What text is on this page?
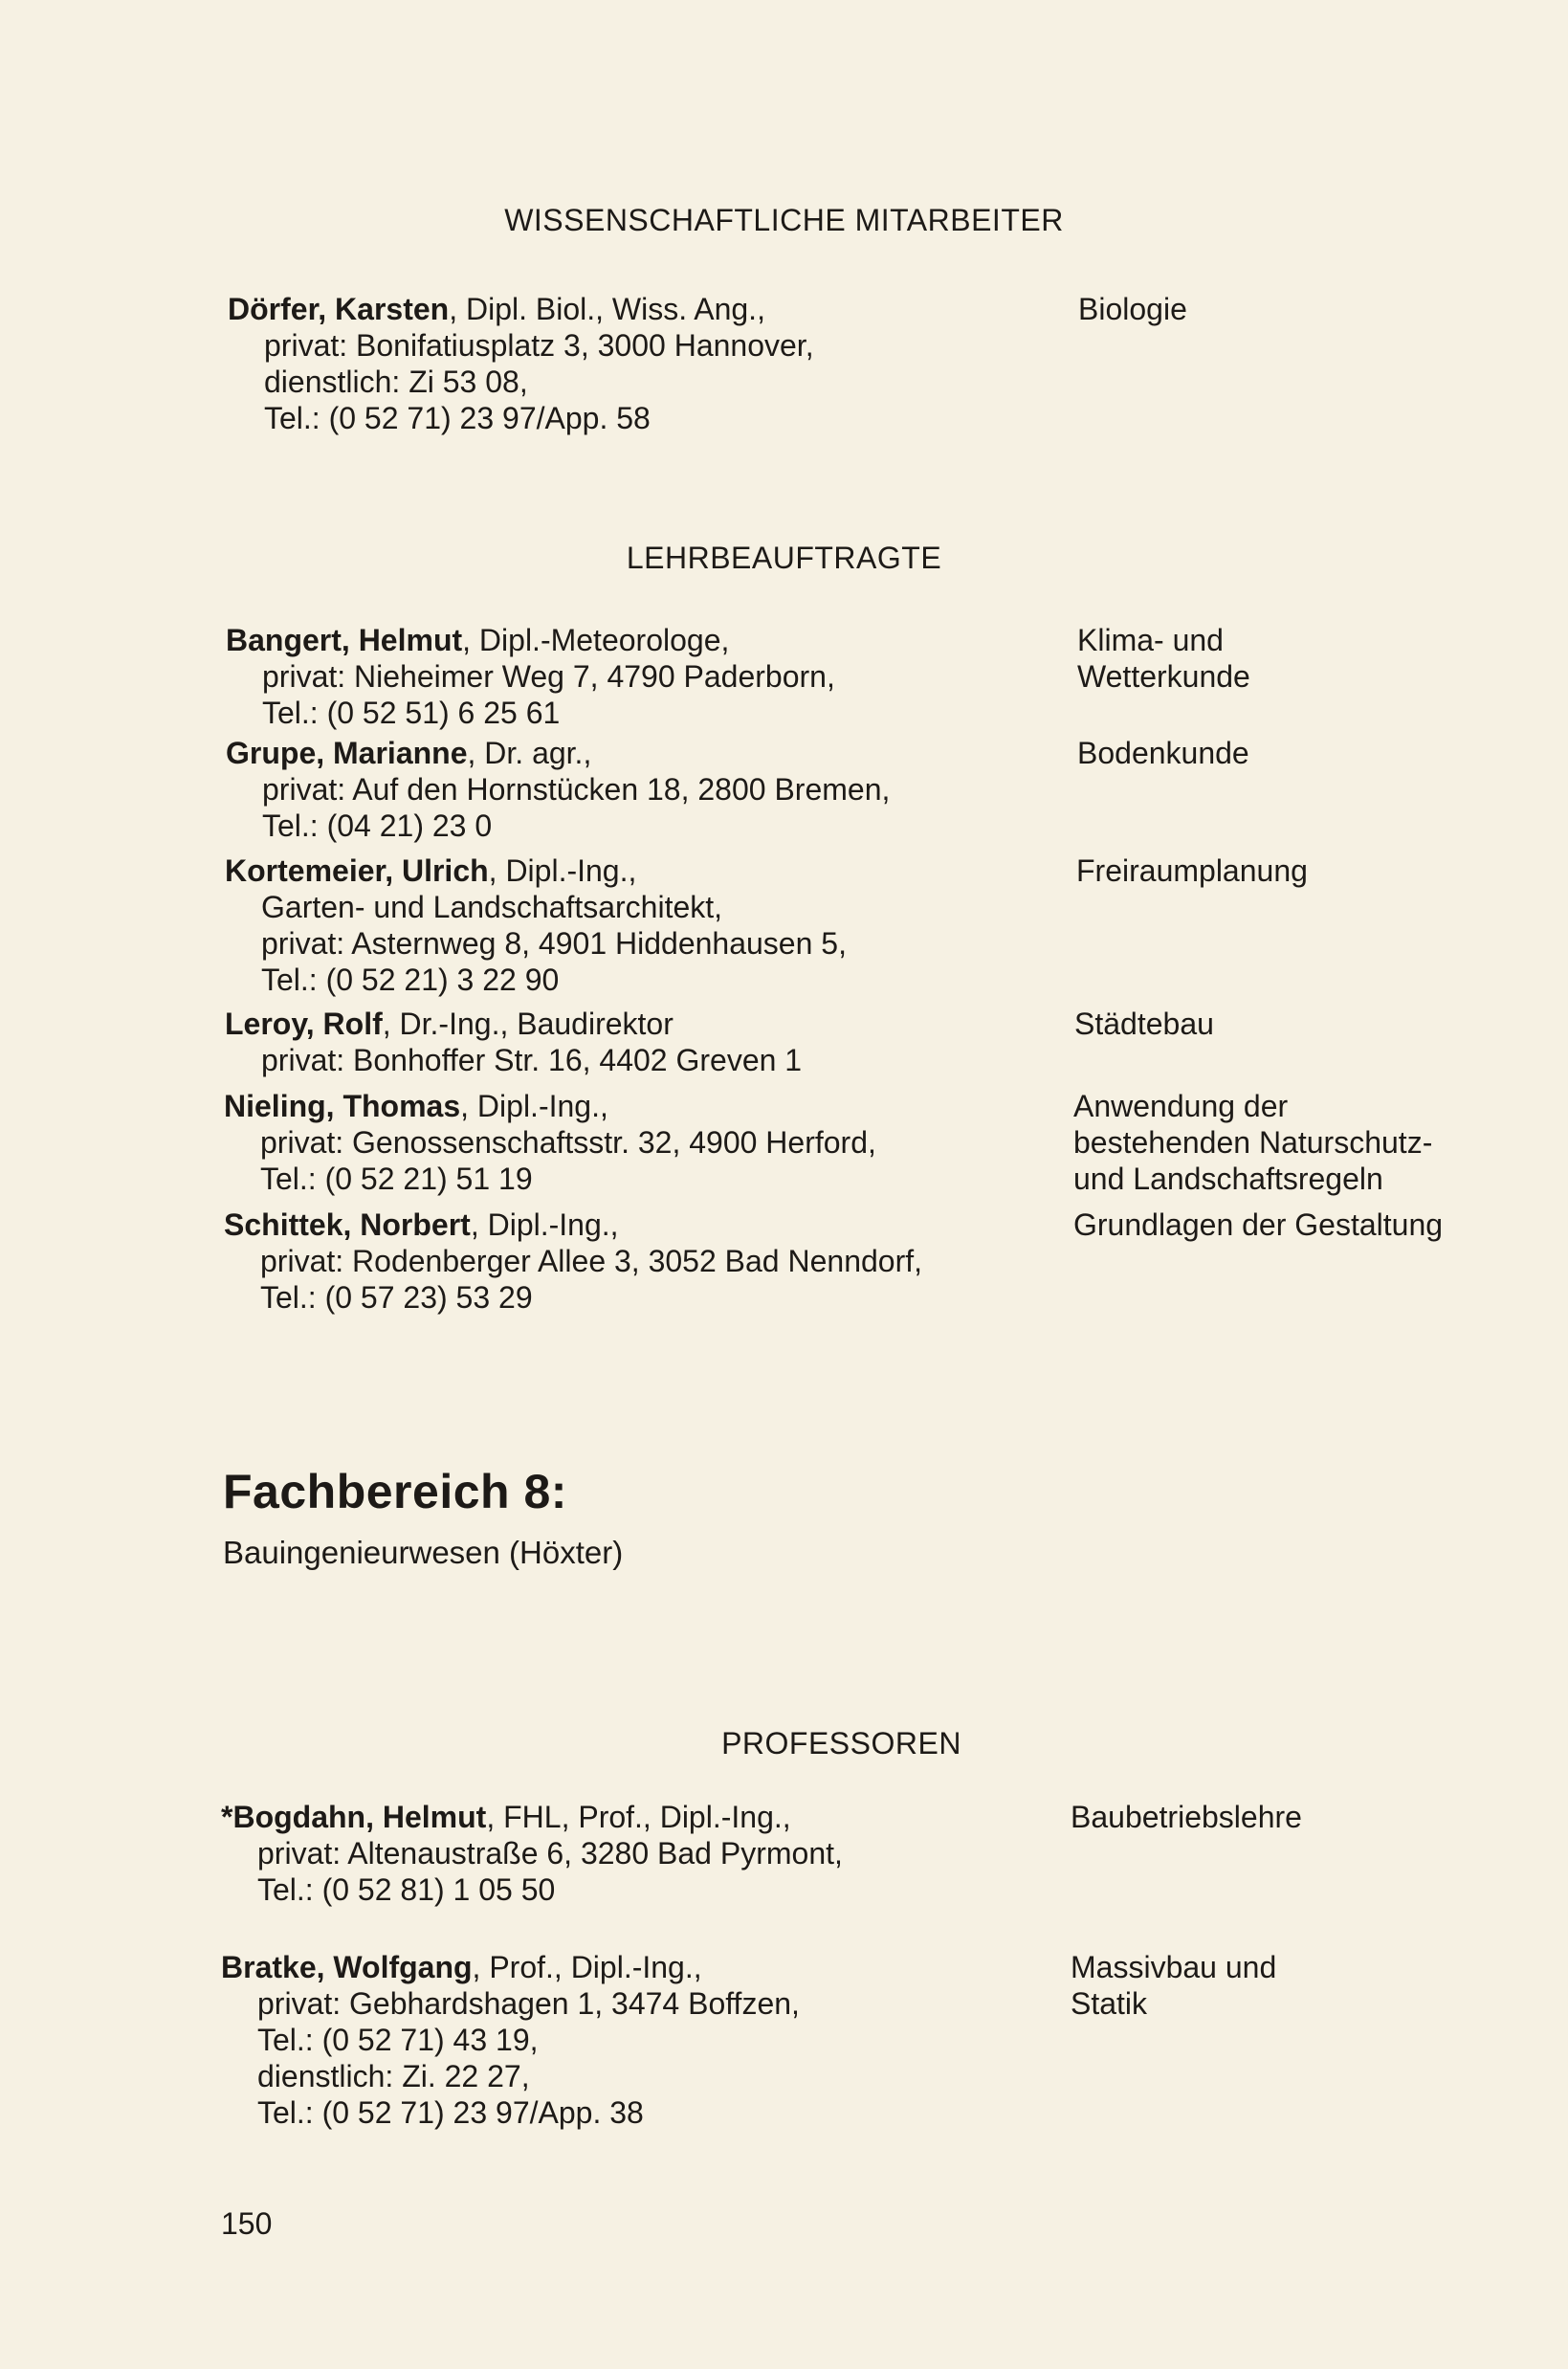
WISSENSCHAFTLICHE MITARBEITER
Dörfer, Karsten, Dipl. Biol., Wiss. Ang.,
privat: Bonifatiusplatz 3, 3000 Hannover,
dienstlich: Zi 53 08,
Tel.: (0 52 71) 23 97/App. 58
Biologie
LEHRBEAUFTRAGTE
Bangert, Helmut, Dipl.-Meteorologe,
privat: Nieheimer Weg 7, 4790 Paderborn,
Tel.: (0 52 51) 6 25 61
Klima- und
Wetterkunde
Grupe, Marianne, Dr. agr.,
privat: Auf den Hornstücken 18, 2800 Bremen,
Tel.: (04 21) 23 0
Bodenkunde
Kortemeier, Ulrich, Dipl.-Ing.,
Garten- und Landschaftsarchitekt,
privat: Asternweg 8, 4901 Hiddenhausen 5,
Tel.: (0 52 21) 3 22 90
Freiraumplanung
Leroy, Rolf, Dr.-Ing., Baudirektor
privat: Bonhoffer Str. 16, 4402 Greven 1
Städtebau
Nieling, Thomas, Dipl.-Ing.,
privat: Genossenschaftsstr. 32, 4900 Herford,
Tel.: (0 52 21) 51 19
Anwendung der
bestehenden Naturschutz-
und Landschaftsregeln
Schittek, Norbert, Dipl.-Ing.,
privat: Rodenberger Allee 3, 3052 Bad Nenndorf,
Tel.: (0 57 23) 53 29
Grundlagen der Gestaltung
Fachbereich 8:
Bauingenieurwesen (Höxter)
PROFESSOREN
*Bogdahn, Helmut, FHL, Prof., Dipl.-Ing.,
privat: Altenaustraße 6, 3280 Bad Pyrmont,
Tel.: (0 52 81) 1 05 50
Baubetriebslehre
Bratke, Wolfgang, Prof., Dipl.-Ing.,
privat: Gebhardshagen 1, 3474 Boffzen,
Tel.: (0 52 71) 43 19,
dienstlich: Zi. 22 27,
Tel.: (0 52 71) 23 97/App. 38
Massivbau und
Statik
150
